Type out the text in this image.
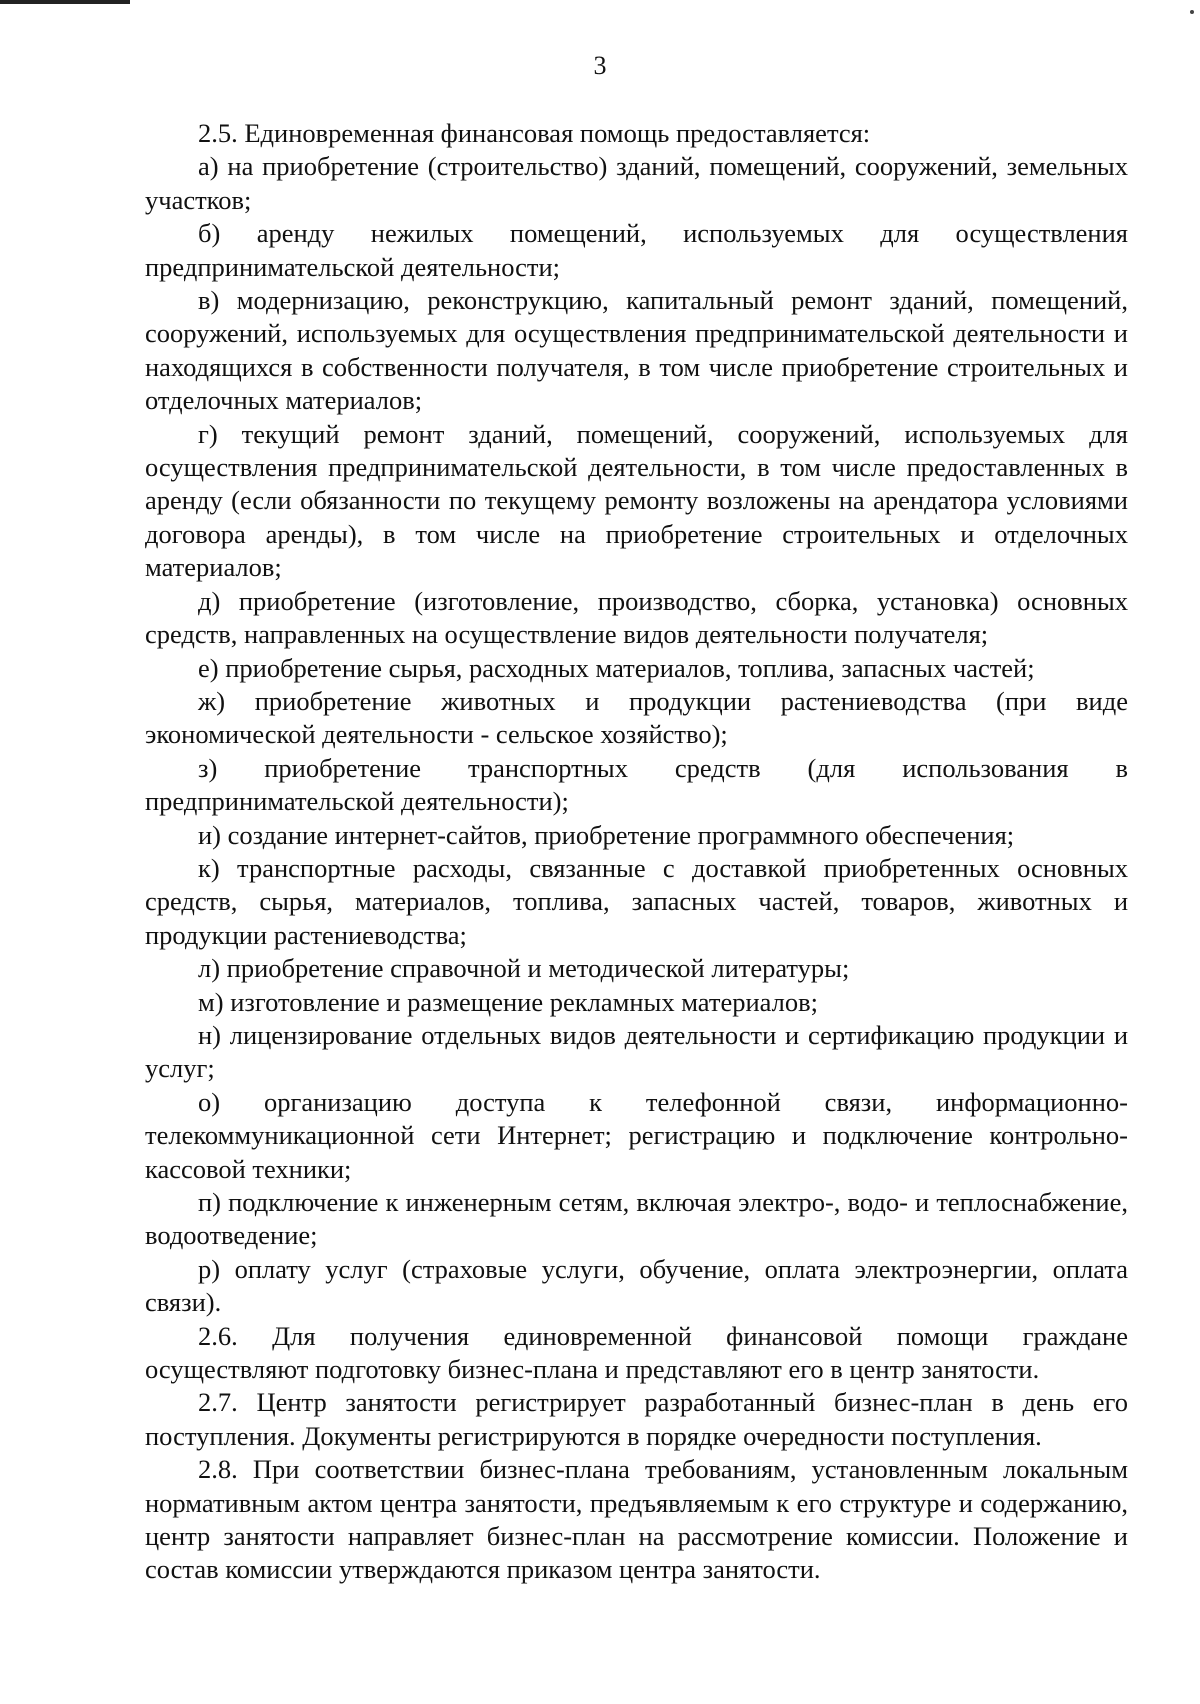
3

2.5. Единовременная финансовая помощь предоставляется:

а) на приобретение (строительство) зданий, помещений, сооружений, земельных участков;

б) аренду нежилых помещений, используемых для осуществления предпринимательской деятельности;

в) модернизацию, реконструкцию, капитальный ремонт зданий, помещений, сооружений, используемых для осуществления предпринимательской деятельности и находящихся в собственности получателя, в том числе приобретение строительных и отделочных материалов;

г) текущий ремонт зданий, помещений, сооружений, используемых для осуществления предпринимательской деятельности, в том числе предоставленных в аренду (если обязанности по текущему ремонту возложены на арендатора условиями договора аренды), в том числе на приобретение строительных и отделочных материалов;

д) приобретение (изготовление, производство, сборка, установка) основных средств, направленных на осуществление видов деятельности получателя;

е) приобретение сырья, расходных материалов, топлива, запасных частей;

ж) приобретение животных и продукции растениеводства (при виде экономической деятельности - сельское хозяйство);

з) приобретение транспортных средств (для использования в предпринимательской деятельности);

и) создание интернет-сайтов, приобретение программного обеспечения;

к) транспортные расходы, связанные с доставкой приобретенных основных средств, сырья, материалов, топлива, запасных частей, товаров, животных и продукции растениеводства;

л) приобретение справочной и методической литературы;

м) изготовление и размещение рекламных материалов;

н) лицензирование отдельных видов деятельности и сертификацию продукции и услуг;

о) организацию доступа к телефонной связи, информационно-телекоммуникационной сети Интернет; регистрацию и подключение контрольно-кассовой техники;

п) подключение к инженерным сетям, включая электро-, водо- и теплоснабжение, водоотведение;

р) оплату услуг (страховые услуги, обучение, оплата электроэнергии, оплата связи).

2.6. Для получения единовременной финансовой помощи граждане осуществляют подготовку бизнес-плана и представляют его в центр занятости.

2.7. Центр занятости регистрирует разработанный бизнес-план в день его поступления. Документы регистрируются в порядке очередности поступления.

2.8. При соответствии бизнес-плана требованиям, установленным локальным нормативным актом центра занятости, предъявляемым к его структуре и содержанию, центр занятости направляет бизнес-план на рассмотрение комиссии. Положение и состав комиссии утверждаются приказом центра занятости.
